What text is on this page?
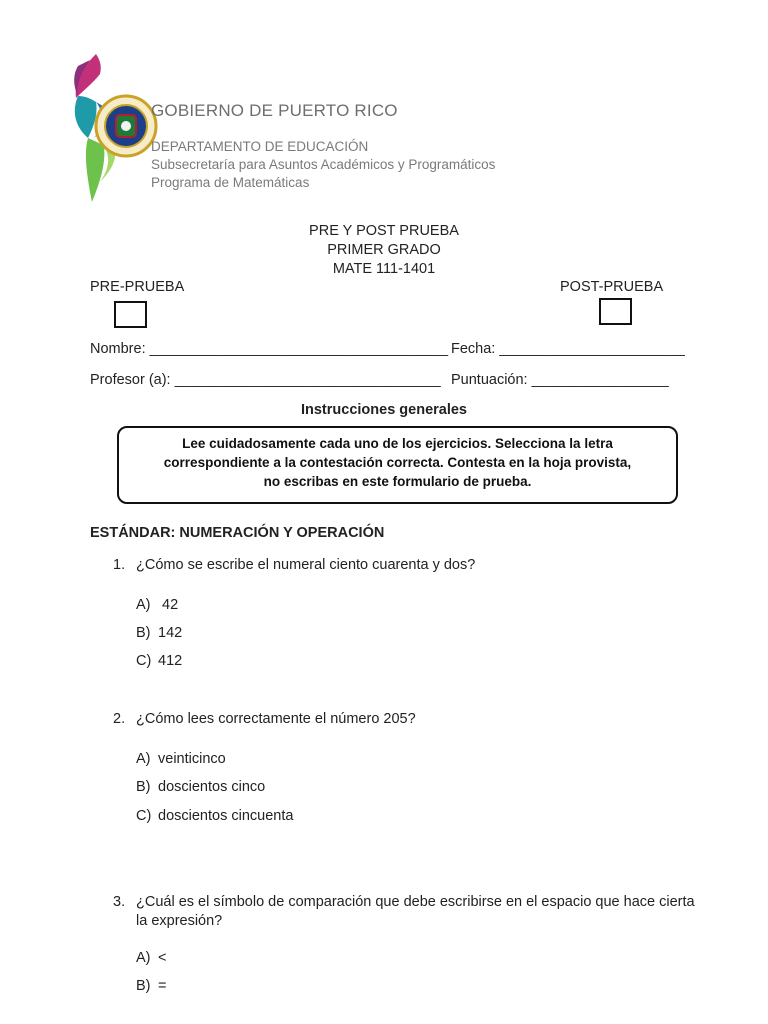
GOBIERNO DE PUERTO RICO
DEPARTAMENTO DE EDUCACIÓN
Subsecretaría para Asuntos Académicos y Programáticos
Programa de Matemáticas
PRE Y POST PRUEBA
PRIMER GRADO
MATE 111-1401
PRE-PRUEBA	POST-PRUEBA
Nombre: _____________________________________ Fecha: _______________________
Profesor (a): _________________________________ Puntuación: _________________
Instrucciones generales
Lee cuidadosamente cada uno de los ejercicios. Selecciona la letra
correspondiente a la contestación correcta. Contesta en la hoja provista,
no escribas en este formulario de prueba.
ESTÁNDAR: NUMERACIÓN Y OPERACIÓN
1. ¿Cómo se escribe el numeral ciento cuarenta y dos?
A) 42
B) 142
C) 412
2. ¿Cómo lees correctamente el número 205?
A) veinticinco
B) doscientos cinco
C) doscientos cincuenta
3. ¿Cuál es el símbolo de comparación que debe escribirse en el espacio que hace cierta la expresión?
A) <
B) =
